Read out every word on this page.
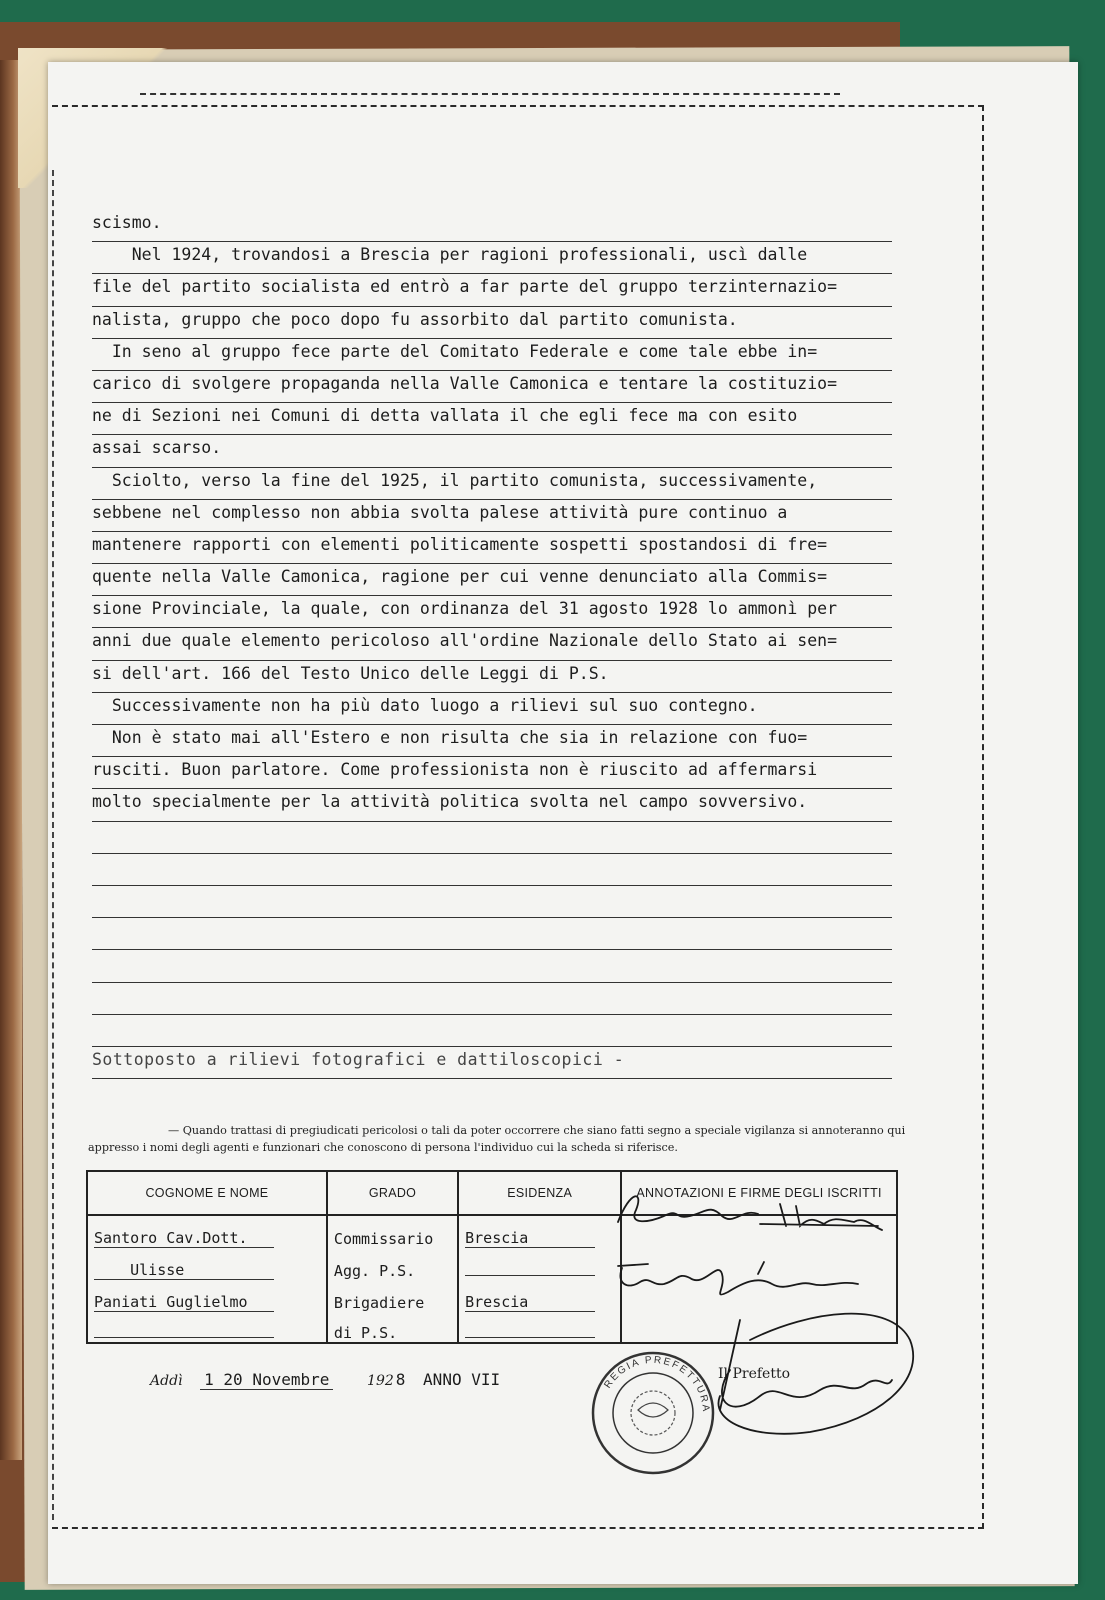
scismo.
Nel 1924, trovandosi a Brescia per ragioni professionali, uscì dalle
file del partito socialista ed entrò a far parte del gruppo terzinternazio=
nalista, gruppo che poco dopo fu assorbito dal partito comunista.
In seno al gruppo fece parte del Comitato Federale e come tale ebbe in=
carico di svolgere propaganda nella Valle Camonica e tentare la costituzio=
ne di Sezioni nei Comuni di detta vallata il che egli fece ma con esito
assai scarso.
Sciolto, verso la fine del 1925, il partito comunista, successivamente,
sebbene nel complesso non abbia svolta palese attività pure continuo a
mantenere rapporti con elementi politicamente sospetti spostandosi di fre=
quente nella Valle Camonica, ragione per cui venne denunciato alla Commis=
sione Provinciale, la quale, con ordinanza del 31 agosto 1928 lo ammonì per
anni due quale elemento pericoloso all'ordine Nazionale dello Stato ai sen=
si dell'art. 166 del Testo Unico delle Leggi di P.S.
Successivamente non ha più dato luogo a rilievi sul suo contegno.
Non è stato mai all'Estero e non risulta che sia in relazione con fuo=
rusciti. Buon parlatore. Come professionista non è riuscito ad affermarsi
molto specialmente per la attività politica svolta nel campo sovversivo.
Sottoposto a rilievi fotografici e dattiloscopici -
— Quando trattasi di pregiudicati pericolosi o tali da poter occorrere che siano fatti segno a speciale vigilanza si annoteranno qui appresso i nomi degli agenti e funzionari che conoscono di persona l'individuo cui la scheda si riferisce.
COGNOME E NOME	GRADO	ESIDENZA	ANNOTAZIONI E FIRME DEGLI ISCRITTI
Santoro Cav.Dott.	Commissario	Brescia	
Ulisse	Agg. P.S.		
Paniati Guglielmo	Brigadiere	Brescia	
	di P.S.		
Addì 1 20 Novembre	192 8 ANNO VII	Il Prefetto
REGIA PREFETTURA
